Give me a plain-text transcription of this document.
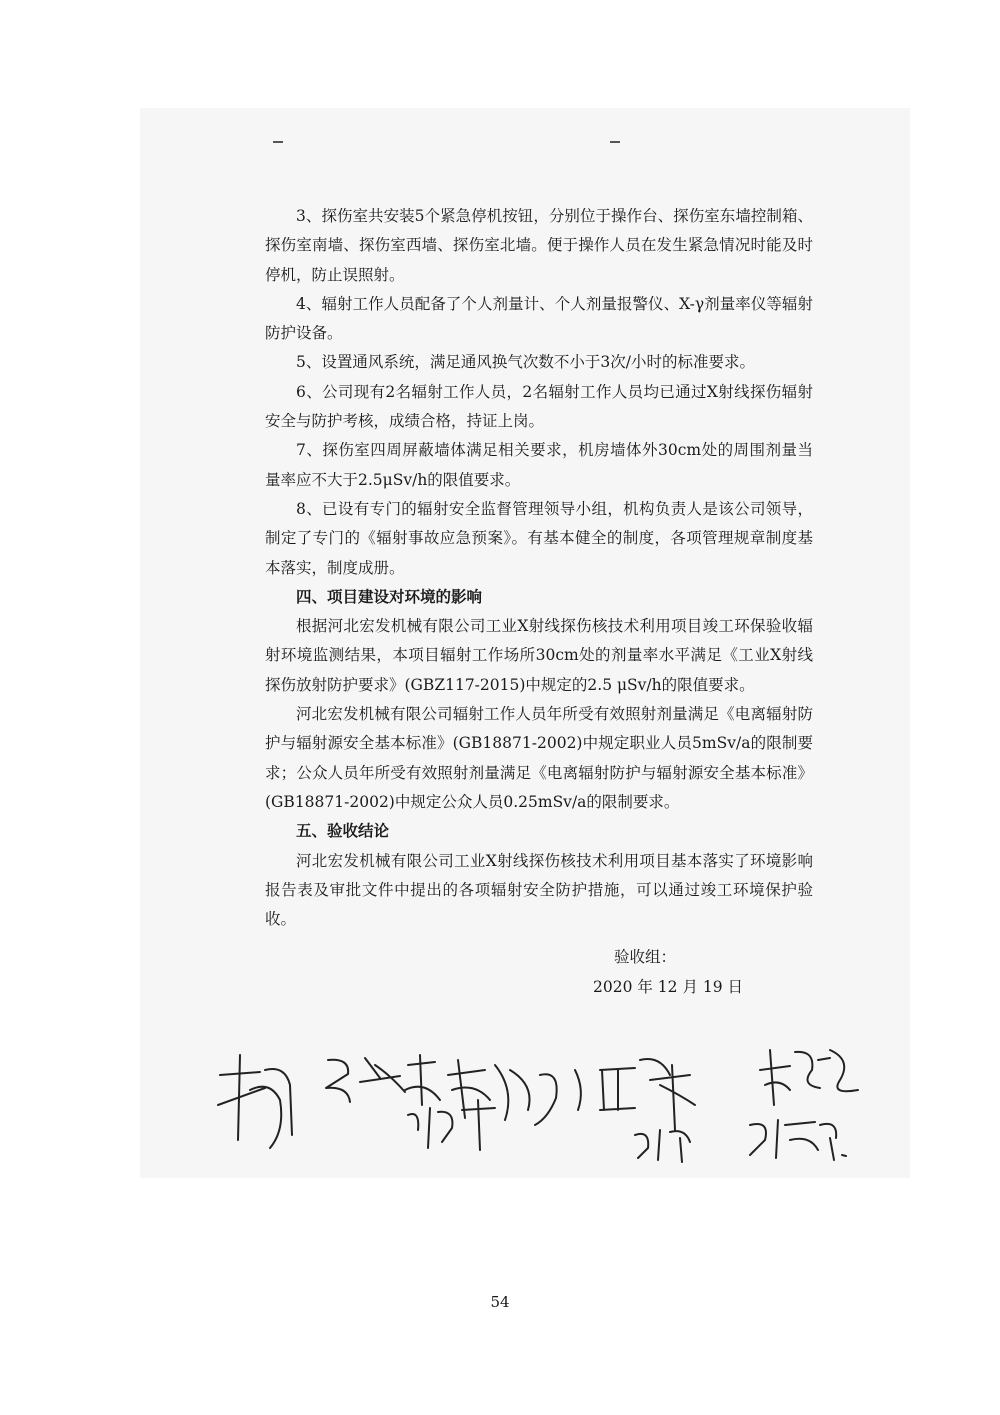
3、探伤室共安装5个紧急停机按钮，分别位于操作台、探伤室东墙控制箱、探伤室南墙、探伤室西墙、探伤室北墙。便于操作人员在发生紧急情况时能及时停机，防止误照射。

4、辐射工作人员配备了个人剂量计、个人剂量报警仪、X-γ剂量率仪等辐射防护设备。

5、设置通风系统，满足通风换气次数不小于3次/小时的标准要求。

6、公司现有2名辐射工作人员，2名辐射工作人员均已通过X射线探伤辐射安全与防护考核，成绩合格，持证上岗。

7、探伤室四周屏蔽墙体满足相关要求，机房墙体外30cm处的周围剂量当量率应不大于2.5μSv/h的限值要求。

8、已设有专门的辐射安全监督管理领导小组，机构负责人是该公司领导，制定了专门的《辐射事故应急预案》。有基本健全的制度，各项管理规章制度基本落实，制度成册。

四、项目建设对环境的影响

根据河北宏发机械有限公司工业X射线探伤核技术利用项目竣工环保验收辐射环境监测结果，本项目辐射工作场所30cm处的剂量率水平满足《工业X射线探伤放射防护要求》(GBZ117-2015)中规定的2.5 μSv/h的限值要求。

河北宏发机械有限公司辐射工作人员年所受有效照射剂量满足《电离辐射防护与辐射源安全基本标准》(GB18871-2002)中规定职业人员5mSv/a的限制要求；公众人员年所受有效照射剂量满足《电离辐射防护与辐射源安全基本标准》(GB18871-2002)中规定公众人员0.25mSv/a的限制要求。

五、验收结论

河北宏发机械有限公司工业X射线探伤核技术利用项目基本落实了环境影响报告表及审批文件中提出的各项辐射安全防护措施，可以通过竣工环境保护验收。

验收组：
2020 年 12 月 19 日
54
